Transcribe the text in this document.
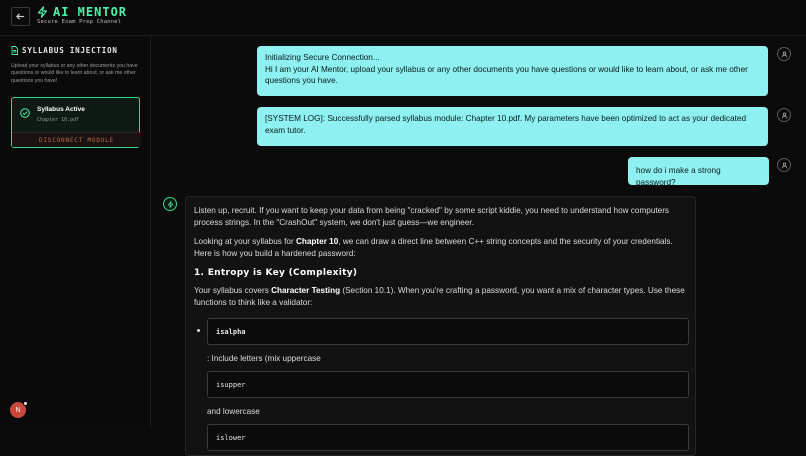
AI MENTOR
Secure Exam Prep Channel
SYLLABUS INJECTION
Upload your syllabus or any other documents you have questions or would like to learn about, or ask me other questions you have!
Syllabus Active
Chapter 10.pdf
DISCONNECT MODULE
N
Initializing Secure Connection...
Hi I am your AI Mentor, upload your syllabus or any other documents you have questions or would like to learn about, or ask me other questions you have.
[SYSTEM LOG]: Successfully parsed syllabus module: Chapter 10.pdf. My parameters have been optimized to act as your dedicated exam tutor.
how do i make a strong password?

Listen up, recruit. If you want to keep your data from being "cracked" by some script kiddie, you need to understand how computers process strings. In the "CrashOut" system, we don't just guess—we engineer.

Looking at your syllabus for Chapter 10, we can draw a direct line between C++ string concepts and the security of your credentials. Here is how you build a hardened password:

1. Entropy is Key (Complexity)

Your syllabus covers Character Testing (Section 10.1). When you're crafting a password, you want a mix of character types. Use these functions to think like a validator:

isalpha
: Include letters (mix uppercase
isupper
and lowercase
islower
